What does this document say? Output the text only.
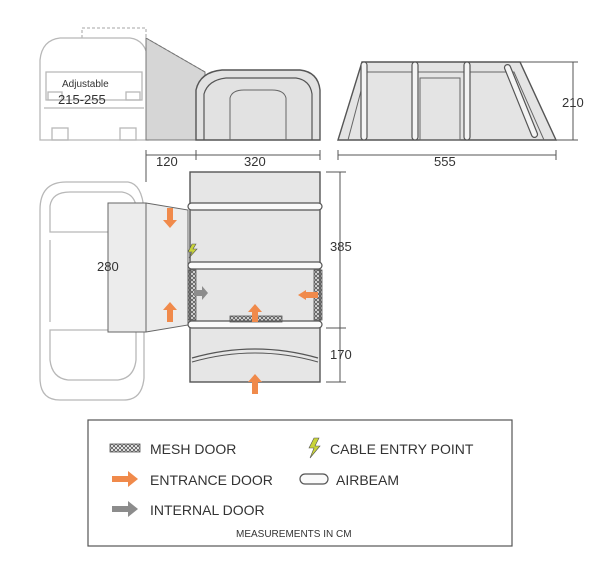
Adjustable
215-255
120	320
210
555
280
385
170
MESH DOOR	CABLE ENTRY POINT
ENTRANCE DOOR	AIRBEAM
INTERNAL DOOR
MEASUREMENTS IN CM
